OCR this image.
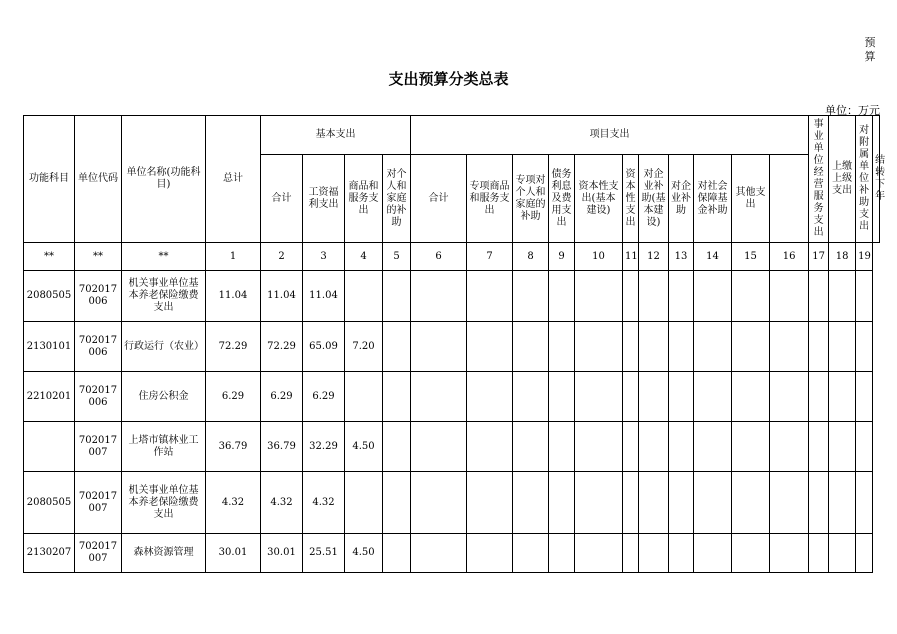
预算
支出预算分类总表
单位：万元
功能科目	单位代码	单位名称(功能科目)	总计	基本支出				项目支出											事业单位经营服务支出	上缴上级支出	对附属单位补助支出	结转下年
				合计	工资福利支出	商品和服务支出	对个人和家庭的补助	合计	专项商品和服务支出	专项对个人和家庭的补助	债务利息及费用支出	资本性支出(基本建设)	资本性支出	对企业补助(基本建设)	对企业补助	对社会保障基金补助	其他支出					
**	**	**	1	2	3	4	5	6	7	8	9	10	11	12	13	14	15	16	17	18	19	
2080505	702017006	机关事业单位基本养老保险缴费支出	11.04	11.04	11.04																	
2130101	702017006	行政运行（农业）	72.29	72.29	65.09	7.20																
2210201	702017006	住房公积金	6.29	6.29	6.29																	
	702017007	上塔市镇林业工作站	36.79	36.79	32.29	4.50																
2080505	702017007	机关事业单位基本养老保险缴费支出	4.32	4.32	4.32																	
2130207	702017007	森林资源管理	30.01	30.01	25.51	4.50																
